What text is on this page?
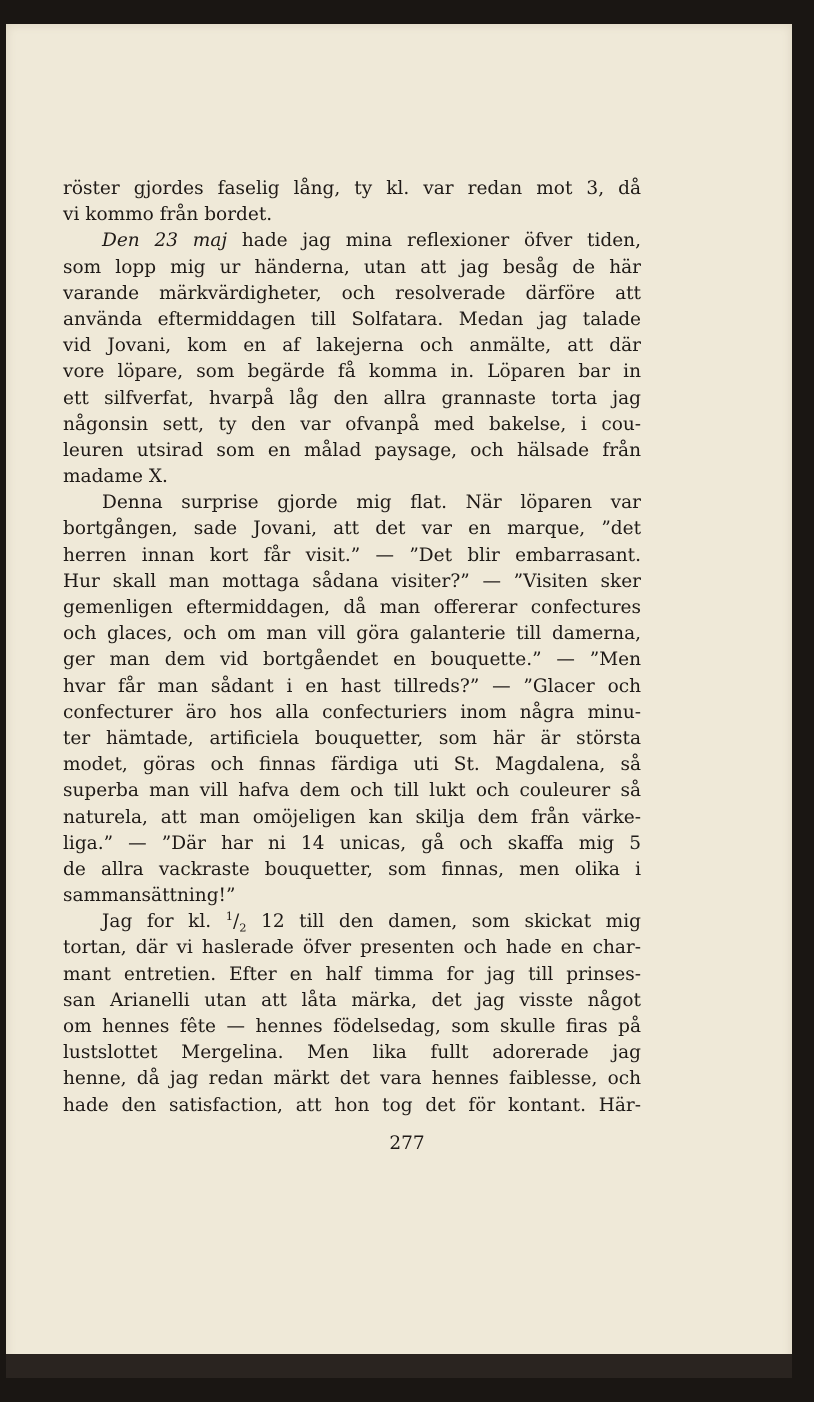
röster gjordes faselig lång, ty kl. var redan mot 3, då
vi kommo från bordet.
Den 23 maj hade jag mina reflexioner öfver tiden,
som lopp mig ur händerna, utan att jag besåg de här
varande märkvärdigheter, och resolverade därföre att
använda eftermiddagen till Solfatara. Medan jag talade
vid Jovani, kom en af lakejerna och anmälte, att där
vore löpare, som begärde få komma in. Löparen bar in
ett silfverfat, hvarpå låg den allra grannaste torta jag
någonsin sett, ty den var ofvanpå med bakelse, i cou-
leuren utsirad som en målad paysage, och hälsade från
madame X.
Denna surprise gjorde mig flat. När löparen var
bortgången, sade Jovani, att det var en marque, ”det
herren innan kort får visit.” — ”Det blir embarrasant.
Hur skall man mottaga sådana visiter?” — ”Visiten sker
gemenligen eftermiddagen, då man offererar confectures
och glaces, och om man vill göra galanterie till damerna,
ger man dem vid bortgåendet en bouquette.” — ”Men
hvar får man sådant i en hast tillreds?” — ”Glacer och
confecturer äro hos alla confecturiers inom några minu-
ter hämtade, artificiela bouquetter, som här är största
modet, göras och finnas färdiga uti St. Magdalena, så
superba man vill hafva dem och till lukt och couleurer så
naturela, att man omöjeligen kan skilja dem från värke-
liga.” — ”Där har ni 14 unicas, gå och skaffa mig 5
de allra vackraste bouquetter, som finnas, men olika i
sammansättning!”
Jag for kl. $^1/_2$ 12 till den damen, som skickat mig
tortan, där vi haslerade öfver presenten och hade en char-
mant entretien. Efter en half timma for jag till prinses-
san Arianelli utan att låta märka, det jag visste något
om hennes fête — hennes födelsedag, som skulle firas på
lustslottet Mergelina. Men lika fullt adorerade jag
henne, då jag redan märkt det vara hennes faiblesse, och
hade den satisfaction, att hon tog det för kontant. Här-
277
